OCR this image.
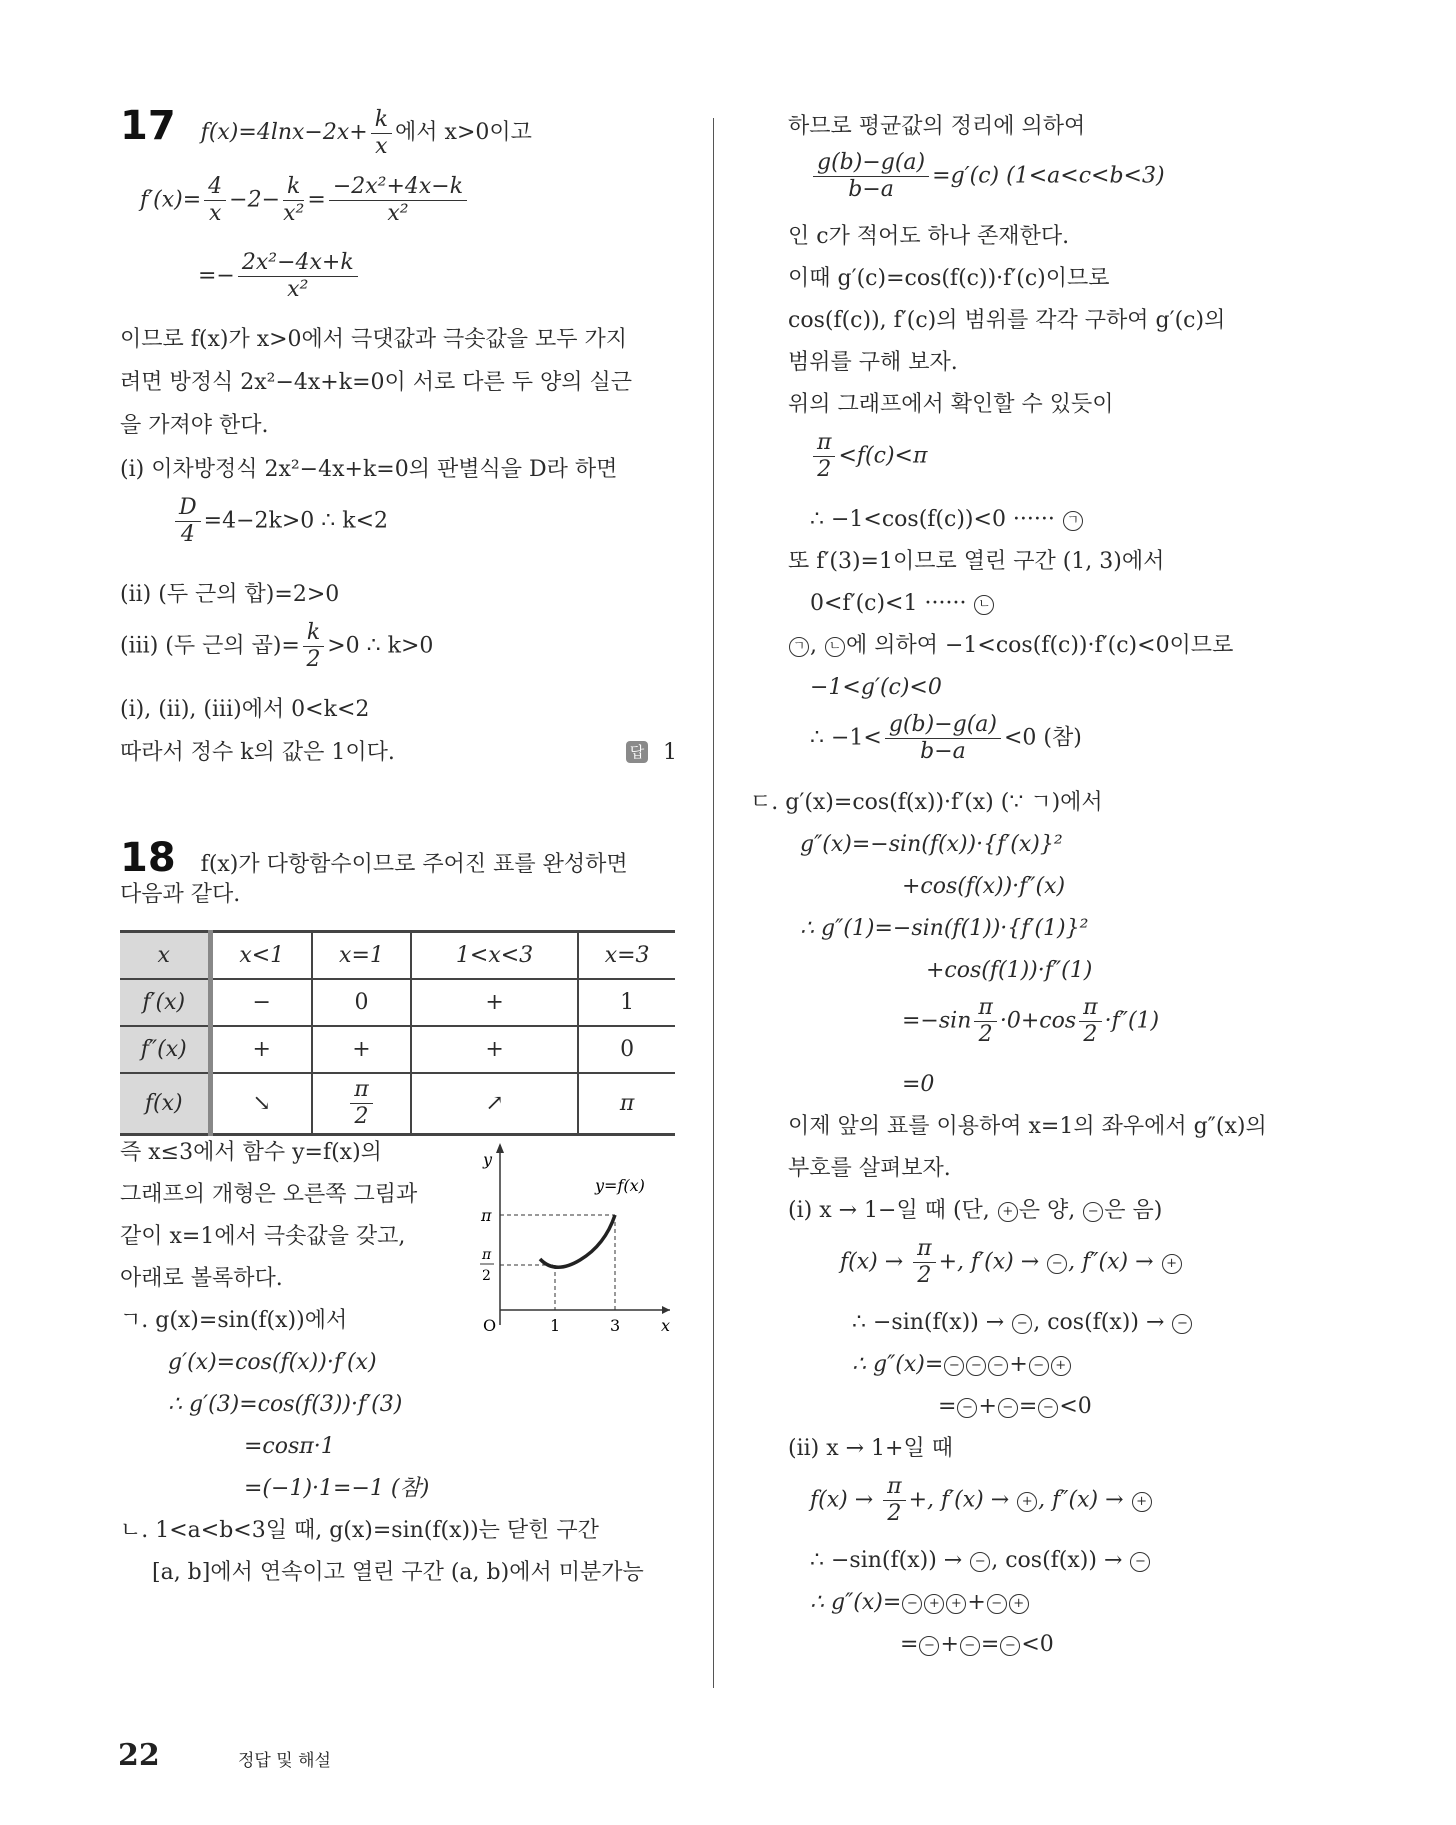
17 $f(x)=4\ln x-2x+ \frac{k}{x}$ 에서 x>0이고
$f'(x)= \frac{4}{x} -2- \frac{k}{\text{x²}} = \frac{\text{−2x²+4x−k}}{\text{x²}}$
=− $\frac{\text{2x²−4x+k}}{\text{x²}}$
이므로 f(x)가 x>0에서 극댓값과 극솟값을 모두 가지
려면 방정식 2x²−4x+k=0이 서로 다른 두 양의 실근
을 가져야 한다.
(i) 이차방정식 2x²−4x+k=0의 판별식을 D라 하면
$\frac{D}{4} =4-2k>0$ ∴ k<2
(ii) (두 근의 합)=2>0
(iii) (두 근의 곱)= $\frac{k}{2} >0$ ∴ k>0
(i), (ii), (iii)에서 0<k<2
따라서 정수 k의 값은 1이다.	답 1
18 f(x)가 다항함수이므로 주어진 표를 완성하면
다음과 같다.
x	x<1	x=1	1<x<3	x=3
f′(x)	−	0	+	1
f″(x)	+	+	+	0
f(x)	↘	$\frac{\pi}{2}$	↗	π
즉 x≤3에서 함수 y=f(x)의
그래프의 개형은 오른쪽 그림과
같이 x=1에서 극솟값을 갖고,
아래로 볼록하다.
y
x
y=f(x)
π
π
2
O	1	3
ㄱ. g(x)=sin(f(x))에서
g′(x)=cos(f(x))·f′(x)
∴ g′(3)=cos(f(3))·f′(3)
=cosπ·1
=(−1)·1=−1 (참)
ㄴ. 1<a<b<3일 때, g(x)=sin(f(x))는 닫힌 구간
[a, b]에서 연속이고 열린 구간 (a, b)에서 미분가능
하므로 평균값의 정리에 의하여
$\frac{g(b)-g(a)}{b-a} =g'(c)$ (1<a<c<b<3)
인 c가 적어도 하나 존재한다.
이때 g′(c)=cos(f(c))·f′(c)이므로
cos(f(c)), f′(c)의 범위를 각각 구하여 g′(c)의
범위를 구해 보자.
위의 그래프에서 확인할 수 있듯이
$\frac{\pi}{2} <f(c)<\pi$
∴ −1<cos(f(c))<0 ······ ㄱ
또 f′(3)=1이므로 열린 구간 (1, 3)에서
0<f′(c)<1 ······ ㄴ
ㄱ , ㄴ 에 의하여 −1<cos(f(c))·f′(c)<0이므로
−1<g′(c)<0
∴ $-1< \frac{g(b)-g(a)}{b-a} <0$ (참)
ㄷ. g′(x)=cos(f(x))·f′(x) (∵ ㄱ)에서
g″(x)=−sin(f(x))·{f′(x)}²
+cos(f(x))·f″(x)
∴ g″(1)=−sin(f(1))·{f′(1)}²
+cos(f(1))·f″(1)
$=-\sin \frac{\pi}{2} \cdot 0+\cos \frac{\pi}{2} \cdot f''(1)$
=0
이제 앞의 표를 이용하여 x=1의 좌우에서 g″(x)의
부호를 살펴보자.
(i) x → 1−일 때 (단, + 은 양, − 은 음)
$f(x) \to \frac{\pi}{2}$ +, f′(x) → − , f″(x) → +
∴ −sin(f(x)) → − , cos(f(x)) → −
∴ g″(x)= − − − + − +
= − + − = − <0
(ii) x → 1+일 때
$f(x) \to \frac{\pi}{2}$ +, f′(x) → + , f″(x) → +
∴ −sin(f(x)) → − , cos(f(x)) → −
∴ g″(x)= − + + + − +
= − + − = − <0
22	정답 및 해설
